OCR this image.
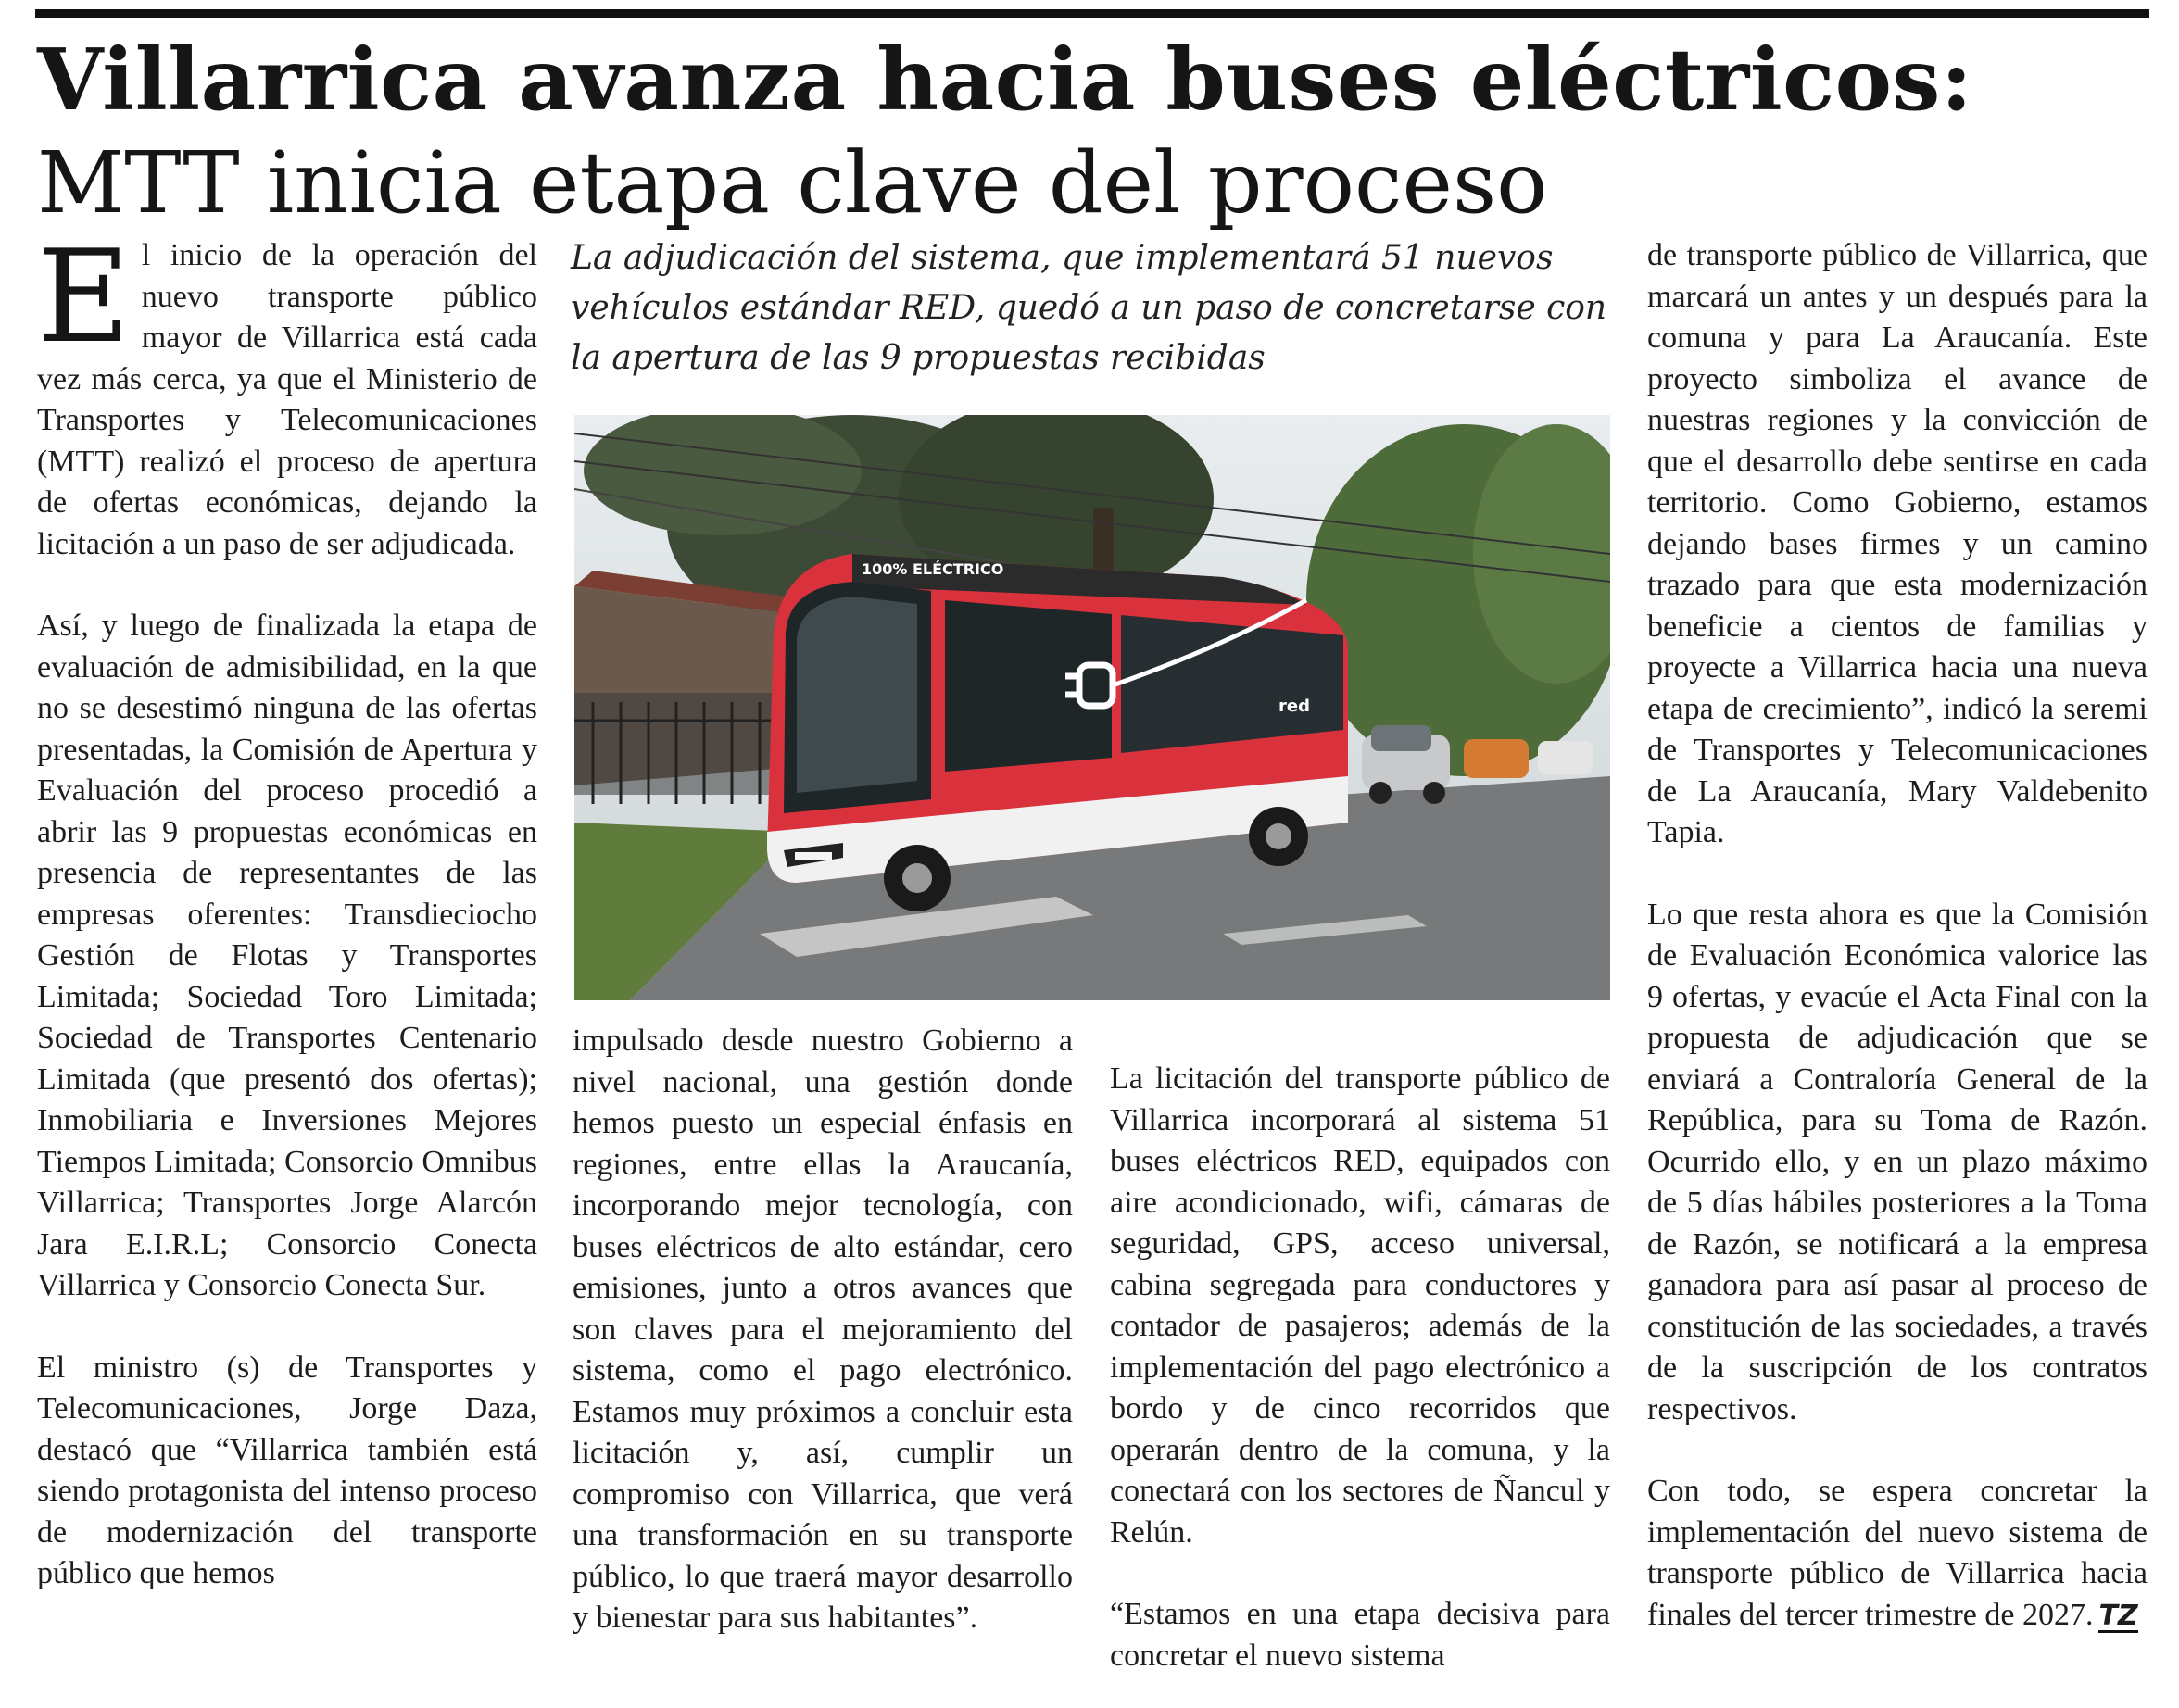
Villarrica avanza hacia buses eléctricos:
MTT inicia etapa clave del proceso
La adjudicación del sistema, que implementará 51 nuevos vehículos estándar RED, quedó a un paso de concretarse con la apertura de las 9 propuestas recibidas

El inicio de la operación del nuevo transporte público mayor de Villarrica está cada vez más cerca, ya que el Ministerio de Transportes y Telecomunicaciones (MTT) realizó el proceso de apertura de ofertas económicas, dejando la licitación a un paso de ser adjudicada.

Así, y luego de finalizada la etapa de evaluación de admisibilidad, en la que no se desestimó ninguna de las ofertas presentadas, la Comisión de Apertura y Evaluación del proceso procedió a abrir las 9 propuestas económicas en presencia de representantes de las empresas oferentes: Transdieciocho Gestión de Flotas y Transportes Limitada; Sociedad Toro Limitada; Sociedad de Transportes Centenario Limitada (que presentó dos ofertas); Inmobiliaria e Inversiones Mejores Tiempos Limitada; Consorcio Omnibus Villarrica; Transportes Jorge Alarcón Jara E.I.R.L; Consorcio Conecta Villarrica y Consorcio Conecta Sur.

El ministro (s) de Transportes y Telecomunicaciones, Jorge Daza, destacó que “Villarrica también está siendo protagonista del intenso proceso de modernización del transporte público que hemos

100% ELÉCTRICO
red

impulsado desde nuestro Gobierno a nivel nacional, una gestión donde hemos puesto un especial énfasis en regiones, entre ellas la Araucanía, incorporando mejor tecnología, con buses eléctricos de alto estándar, cero emisiones, junto a otros avances que son claves para el mejoramiento del sistema, como el pago electrónico. Estamos muy próximos a concluir esta licitación y, así, cumplir un compromiso con Villarrica, que verá una transformación en su transporte público, lo que traerá mayor desarrollo y bienestar para sus habitantes”.

La licitación del transporte público de Villarrica incorporará al sistema 51 buses eléctricos RED, equipados con aire acondicionado, wifi, cámaras de seguridad, GPS, acceso universal, cabina segregada para conductores y contador de pasajeros; además de la implementación del pago electrónico a bordo y de cinco recorridos que operarán dentro de la comuna, y la conectará con los sectores de Ñancul y Relún.

“Estamos en una etapa decisiva para concretar el nuevo sistema

de transporte público de Villarrica, que marcará un antes y un después para la comuna y para La Araucanía. Este proyecto simboliza el avance de nuestras regiones y la convicción de que el desarrollo debe sentirse en cada territorio. Como Gobierno, estamos dejando bases firmes y un camino trazado para que esta modernización beneficie a cientos de familias y proyecte a Villarrica hacia una nueva etapa de crecimiento”, indicó la seremi de Transportes y Telecomunicaciones de La Araucanía, Mary Valdebenito Tapia.

Lo que resta ahora es que la Comisión de Evaluación Económica valorice las 9 ofertas, y evacúe el Acta Final con la propuesta de adjudicación que se enviará a Contraloría General de la República, para su Toma de Razón. Ocurrido ello, y en un plazo máximo de 5 días hábiles posteriores a la Toma de Razón, se notificará a la empresa ganadora para así pasar al proceso de constitución de las sociedades, a través de la suscripción de los contratos respectivos.

Con todo, se espera concretar la implementación del nuevo sistema de transporte público de Villarrica hacia finales del tercer trimestre de 2027. TZ
